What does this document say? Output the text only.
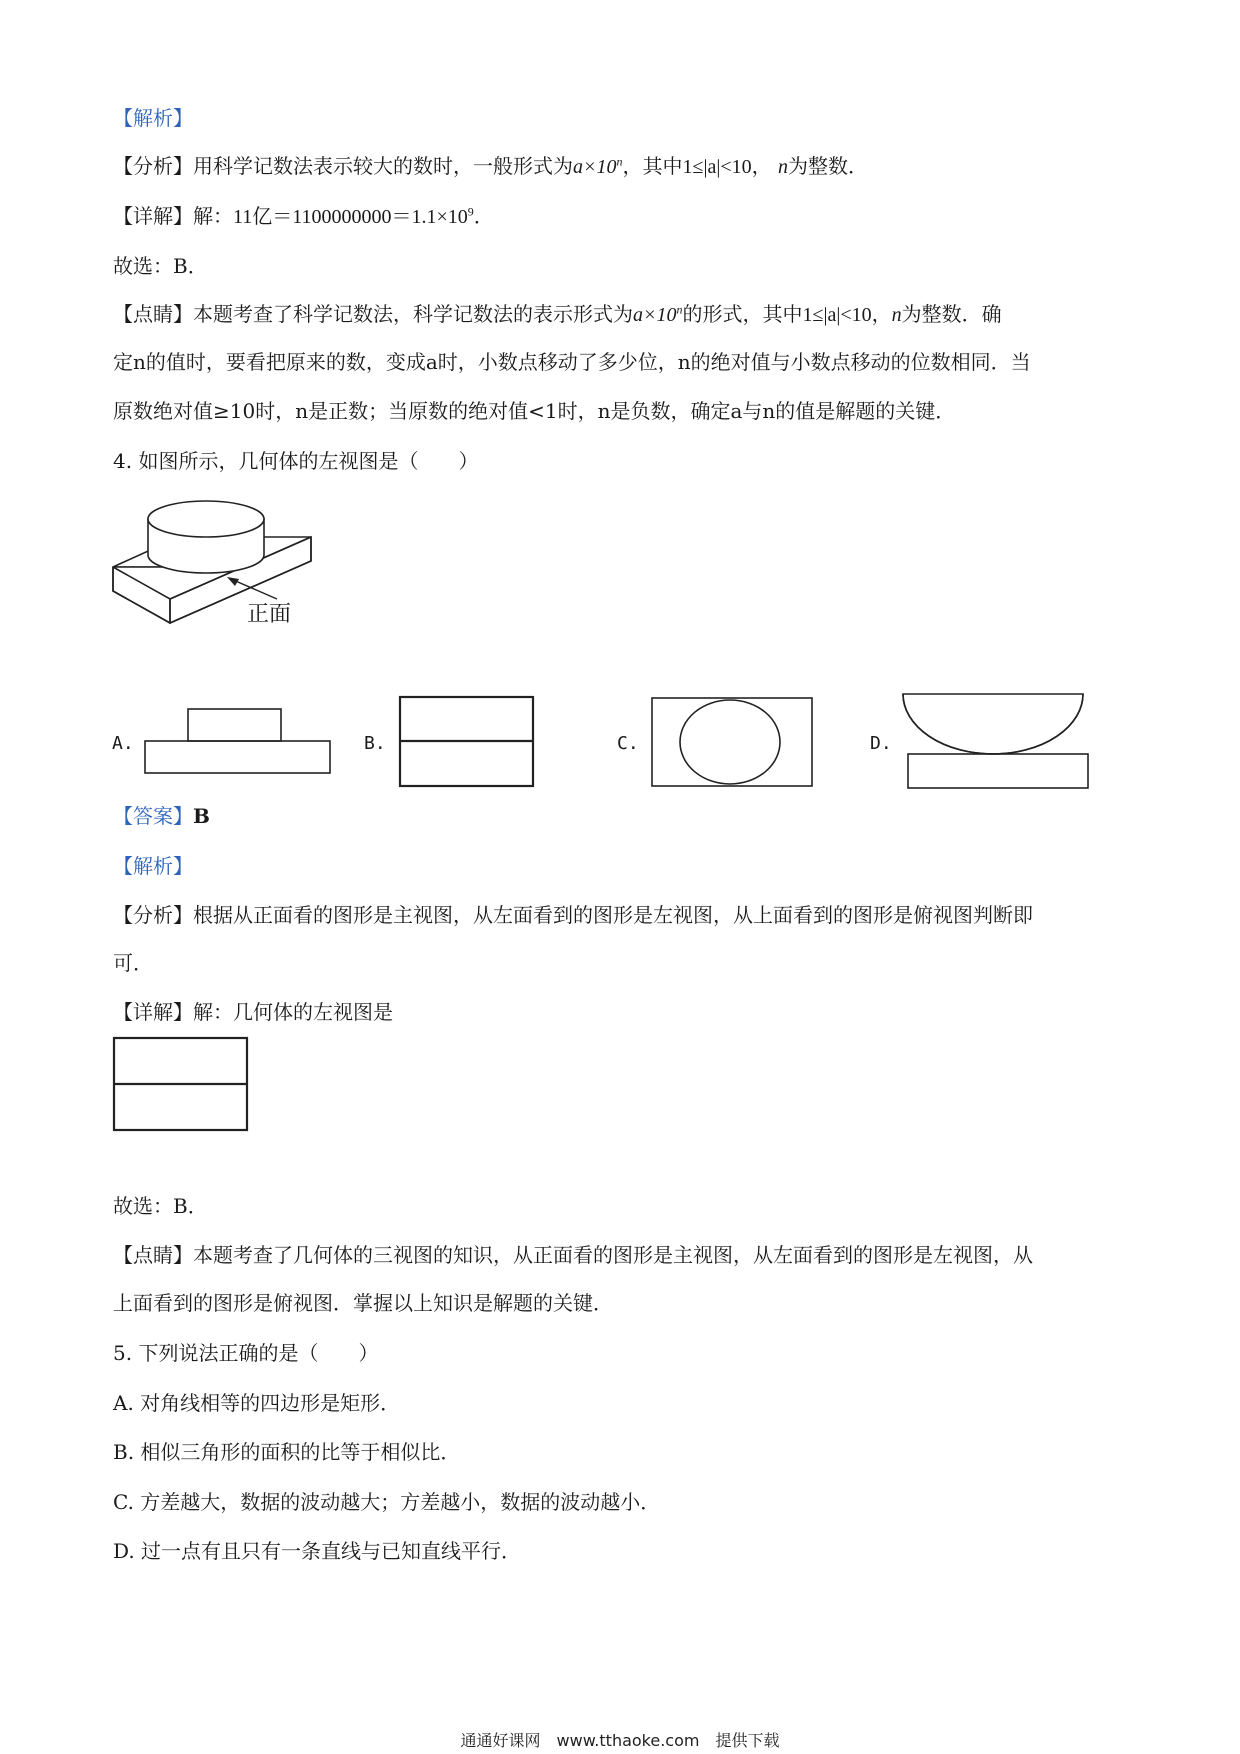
【解析】
【分析】用科学记数法表示较大的数时，一般形式为$a\times 10^n$，其中1≤|a|<10， n为整数．
【详解】解：11亿$=1100000000=1.1\times 10^9$．
故选：B．
【点睛】本题考查了科学记数法，科学记数法的表示形式为$a\times 10^n$的形式，其中1≤|a|<10，n为整数．确
定n的值时，要看把原来的数，变成a时，小数点移动了多少位，n的绝对值与小数点移动的位数相同．当
原数绝对值≥10时，n是正数；当原数的绝对值<1时，n是负数，确定a与n的值是解题的关键．
4. 如图所示，几何体的左视图是（　　）
正面
A.	B.	C.	D.
【答案】B
【解析】
【分析】根据从正面看的图形是主视图，从左面看到的图形是左视图，从上面看到的图形是俯视图判断即
可．
【详解】解：几何体的左视图是
故选：B．
【点睛】本题考查了几何体的三视图的知识，从正面看的图形是主视图，从左面看到的图形是左视图，从
上面看到的图形是俯视图．掌握以上知识是解题的关键．
5. 下列说法正确的是（　　）
A. 对角线相等的四边形是矩形．
B. 相似三角形的面积的比等于相似比．
C. 方差越大，数据的波动越大；方差越小，数据的波动越小．
D. 过一点有且只有一条直线与已知直线平行．
通通好课网　www.tthaoke.com　提供下载
